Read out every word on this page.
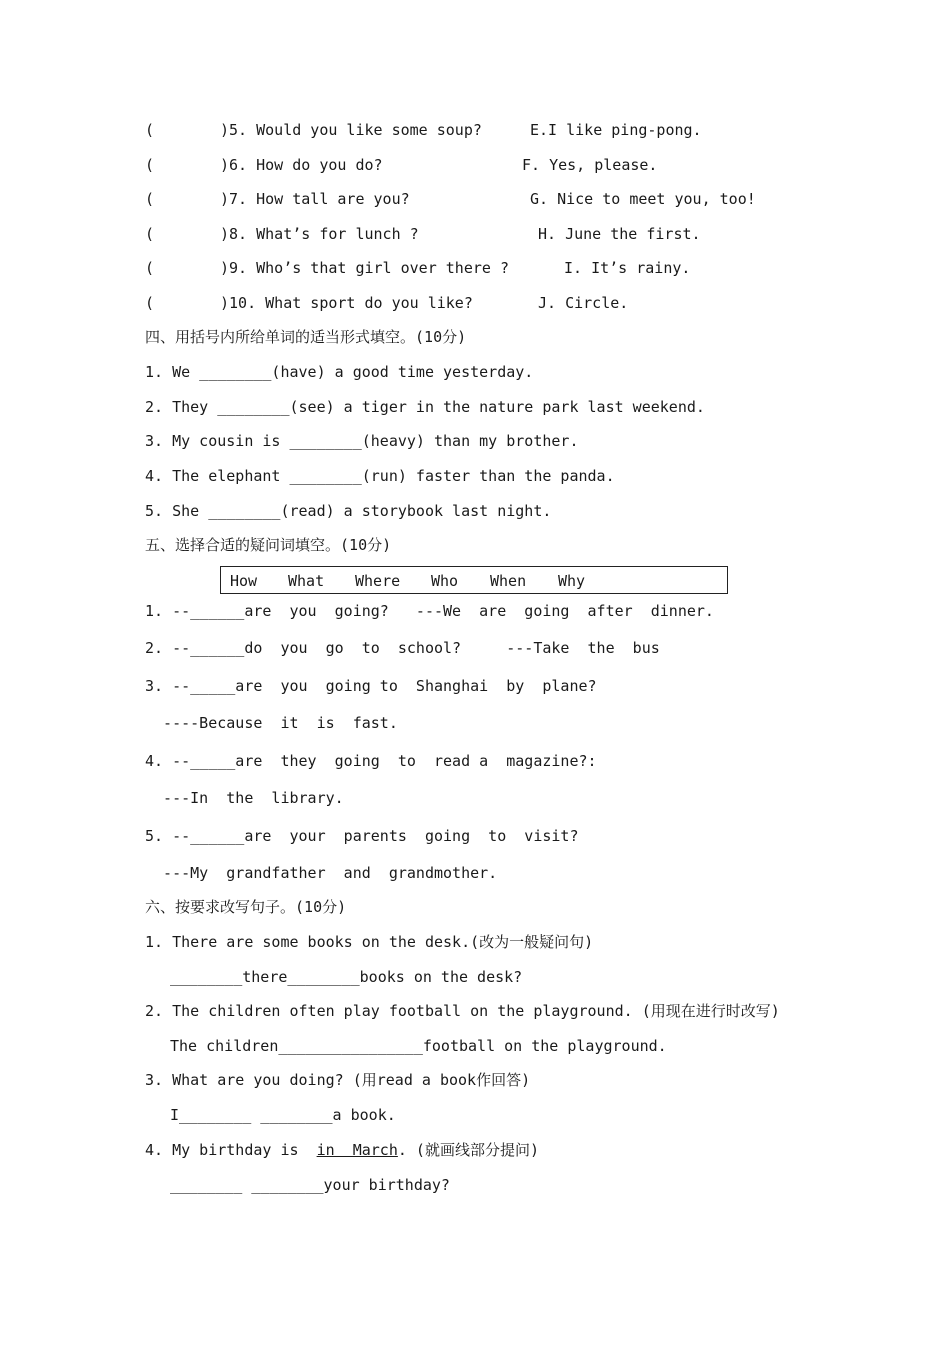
(	)5. Would you like some soup?	E.I like ping-pong.
(	)6. How do you do?	F. Yes, please.
(	)7. How tall are you?	G. Nice to meet you, too!
(	)8. What’s for lunch ?	H. June the first.
(	)9. Who’s that girl over there ?	I. It’s rainy.
(	)10. What sport do you like?	J. Circle.
四、用括号内所给单词的适当形式填空。(10分)
1. We ________(have) a good time yesterday.
2. They ________(see) a tiger in the nature park last weekend.
3. My cousin is ________(heavy) than my brother.
4. The elephant ________(run) faster than the panda.
5. She ________(read) a storybook last night.
五、选择合适的疑问词填空。(10分)
How What Where Who When Why
1. --______are  you  going?   ---We  are  going  after  dinner.
2. --______do  you  go  to  school?     ---Take  the  bus
3. --_____are  you  going to  Shanghai  by  plane?
----Because  it  is  fast.
4. --_____are  they  going  to  read a  magazine?:
---In  the  library.
5. --______are  your  parents  going  to  visit?
---My  grandfather  and  grandmother.
六、按要求改写句子。(10分)
1. There are some books on the desk.(改为一般疑问句)
________there________books on the desk?
2. The children often play football on the playground. (用现在进行时改写)
The children________________football on the playground.
3. What are you doing? (用read a book作回答)
I________ ________a book.
4. My birthday is  in  March. (就画线部分提问)
________ ________your birthday?
